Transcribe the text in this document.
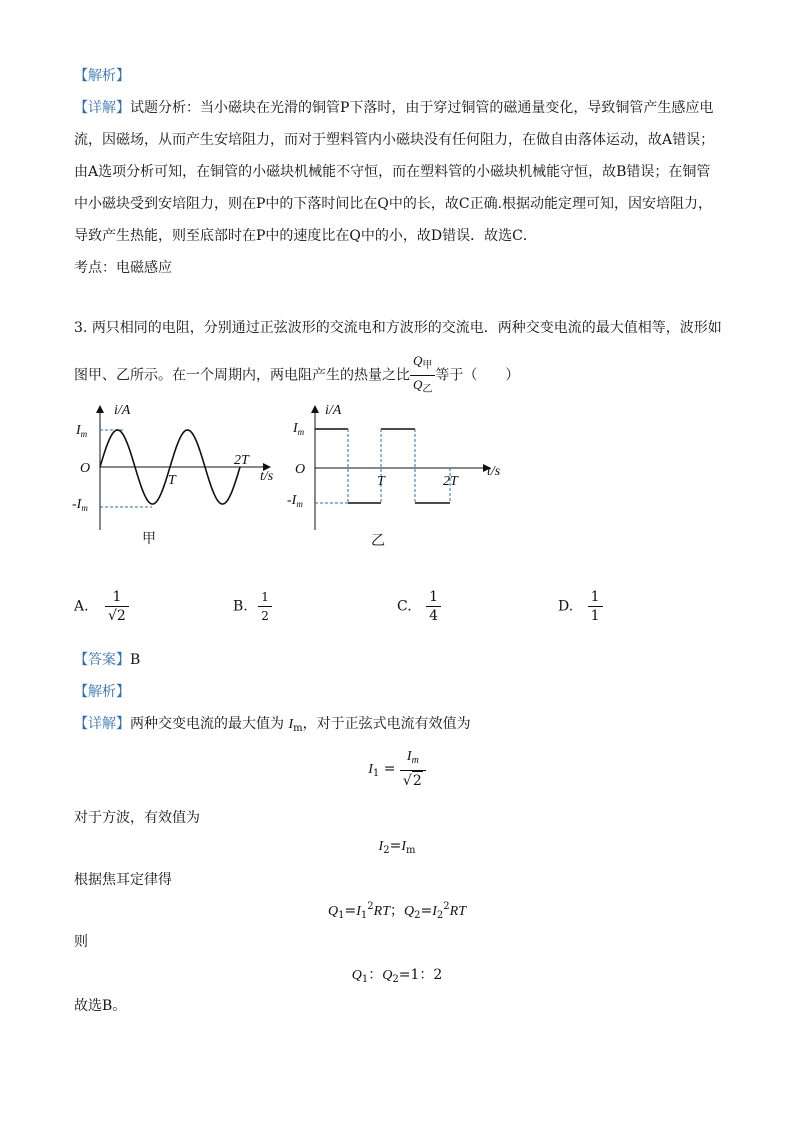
【解析】
【详解】试题分析：当小磁块在光滑的铜管P下落时，由于穿过铜管的磁通量变化，导致铜管产生感应电
流，因磁场，从而产生安培阻力，而对于塑料管内小磁块没有任何阻力，在做自由落体运动，故A错误；
由A选项分析可知，在铜管的小磁块机械能不守恒，而在塑料管的小磁块机械能守恒，故B错误；在铜管
中小磁块受到安培阻力，则在P中的下落时间比在Q中的长，故C正确.根据动能定理可知，因安培阻力，
导致产生热能，则至底部时在P中的速度比在Q中的小，故D错误．故选C．
考点：电磁感应
3. 两只相同的电阻，分别通过正弦波形的交流电和方波形的交流电．两种交变电流的最大值相等，波形如
图甲、乙所示。在一个周期内，两电阻产生的热量之比 $\frac{Q_甲}{Q_乙}$ 等于（　　）
i/A
$I_m$
O
$-I_m$
T
2T
t/s
甲
i/A
$I_m$
O
$-I_m$
T	2T
t/s
乙
A. $\frac{1}{√2}$	B. $\frac{1}{2}$	C. $\frac{1}{4}$	D. $\frac{1}{1}$
【答案】B
【解析】
【详解】两种交变电流的最大值为 $I_m$，对于正弦式电流有效值为
$I_1 = \frac{I_m}{√2}$
对于方波，有效值为
$I_2=I_m$
根据焦耳定律得
$Q_1=I_1^2RT$；$Q_2=I_2^2RT$
则
$Q_1$：$Q_2=1$：2
故选B。
